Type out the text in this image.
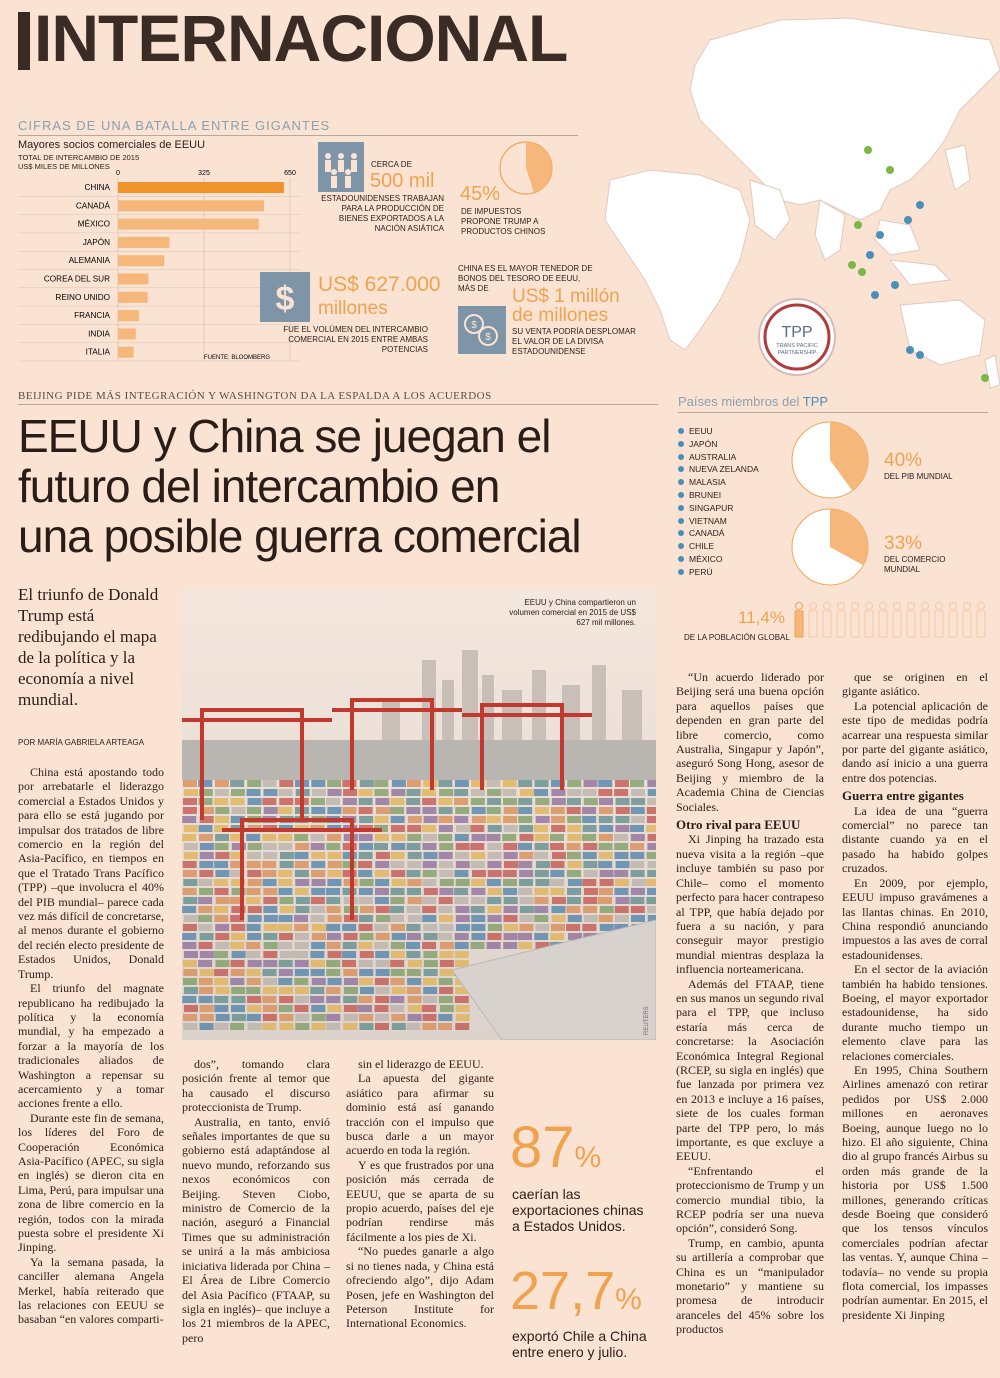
INTERNACIONAL
CIFRAS DE UNA BATALLA ENTRE GIGANTES
Mayores socios comerciales de EEUU
TOTAL DE INTERCAMBIO DE 2015
US$ MILES DE MILLONES
0	325	650
CHINA
CANADÁ
MÉXICO
JAPÓN
ALEMANIA
COREA DEL SUR
REINO UNIDO
FRANCIA
INDIA
ITALIA
FUENTE: BLOOMBERG
CERCA DE
500 mil
ESTADOUNIDENSES TRABAJAN PARA LA PRODUCCIÓN DE BIENES EXPORTADOS A LA NACIÓN ASIÁTICA
45%
DE IMPUESTOS PROPONE TRUMP A PRODUCTOS CHINOS
$ US$ 627.000
millones
FUE EL VOLÚMEN DEL INTERCAMBIO COMERCIAL EN 2015 ENTRE AMBAS POTENCIAS
CHINA ES EL MAYOR TENEDOR DE BONOS DEL TESORO DE EEUU, MÁS DE	US$ 1 millón
de millones
$
$
SU VENTA PODRÍA DESPLOMAR EL VALOR DE LA DIVISA ESTADOUNIDENSE
TPP
TRANS PACIFIC
PARTNERSHIP
BEIJING PIDE MÁS INTEGRACIÓN Y WASHINGTON DA LA ESPALDA A LOS ACUERDOS
EEUU y China se juegan el
futuro del intercambio en
una posible guerra comercial
Países miembros del TPP
EEUU
JAPÓN
AUSTRALIA
NUEVA ZELANDA
MALASIA
BRUNEI
SINGAPUR
VIETNAM
CANADÁ
CHILE
MÉXICO
PERÚ
40%
DEL PIB MUNDIAL
33%
DEL COMERCIO
MUNDIAL
11,4%
DE LA POBLACIÓN GLOBAL
El triunfo de Donald Trump está redibujando el mapa de la política y la economía a nivel mundial.
POR MARÍA GABRIELA ARTEAGA
REUTERS
EEUU y China compartieron un volumen comercial en 2015 de US$ 627 mil millones.

China está apostando todo por arrebatarle el liderazgo comercial a Estados Unidos y para ello se está jugando por impulsar dos tratados de libre comercio en la región del Asia-Pacífico, en tiempos en que el Tratado Trans Pacífico (TPP) –que involucra el 40% del PIB mundial– parece cada vez más difícil de concretarse, al menos durante el gobierno del recién electo presidente de Estados Unidos, Donald Trump.

El triunfo del magnate republicano ha redibujado la política y la economía mundial, y ha empezado a forzar a la mayoría de los tradicionales aliados de Washington a repensar su acercamiento y a tomar acciones frente a ello.

Durante este fin de semana, los líderes del Foro de Cooperación Económica Asia-Pacífico (APEC, su sigla en inglés) se dieron cita en Lima, Perú, para impulsar una zona de libre comercio en la región, todos con la mirada puesta sobre el presidente Xi Jinping.

Ya la semana pasada, la canciller alemana Angela Merkel, había reiterado que las relaciones con EEUU se basaban “en valores comparti-

dos”, tomando clara posición frente al temor que ha causado el discurso proteccionista de Trump.

Australia, en tanto, envió señales importantes de que su gobierno está adaptándose al nuevo mundo, reforzando sus nexos económicos con Beijing. Steven Ciobo, ministro de Comercio de la nación, aseguró a Financial Times que su administración se unirá a la más ambiciosa iniciativa liderada por China –El Área de Libre Comercio del Asia Pacífico (FTAAP, su sigla en inglés)– que incluye a los 21 miembros de la APEC, pero

sin el liderazgo de EEUU.

La apuesta del gigante asiático para afirmar su dominio está así ganando tracción con el impulso que busca darle a un mayor acuerdo en toda la región.

Y es que frustrados por una posición más cerrada de EEUU, que se aparta de su propio acuerdo, países del eje podrían rendirse más fácilmente a los pies de Xi.

“No puedes ganarle a algo si no tienes nada, y China está ofreciendo algo”, dijo Adam Posen, jefe en Washington del Peterson Institute for International Economics.

87%
caerían las exportaciones chinas a Estados Unidos.
27,7%
exportó Chile a China entre enero y julio.

“Un acuerdo liderado por Beijing será una buena opción para aquellos países que dependen en gran parte del libre comercio, como Australia, Singapur y Japón”, aseguró Song Hong, asesor de Beijing y miembro de la Academia China de Ciencias Sociales.

Otro rival para EEUU

Xi Jinping ha trazado esta nueva visita a la región –que incluye también su paso por Chile– como el momento perfecto para hacer contrapeso al TPP, que había dejado por fuera a su nación, y para conseguir mayor prestigio mundial mientras desplaza la influencia norteamericana.

Además del FTAAP, tiene en sus manos un segundo rival para el TPP, que incluso estaría más cerca de concretarse: la Asociación Económica Integral Regional (RCEP, su sigla en inglés) que fue lanzada por primera vez en 2013 e incluye a 16 países, siete de los cuales forman parte del TPP pero, lo más importante, es que excluye a EEUU.

“Enfrentando el proteccionismo de Trump y un comercio mundial tibio, la RCEP podría ser una nueva opción”, consideró Song.

Trump, en cambio, apunta su artillería a comprobar que China es un “manipulador monetario” y mantiene su promesa de introducir aranceles del 45% sobre los productos

que se originen en el gigante asiático.

La potencial aplicación de este tipo de medidas podría acarrear una respuesta similar por parte del gigante asiático, dando así inicio a una guerra entre dos potencias.

Guerra entre gigantes

La idea de una “guerra comercial” no parece tan distante cuando ya en el pasado ha habido golpes cruzados.

En 2009, por ejemplo, EEUU impuso gravámenes a las llantas chinas. En 2010, China respondió anunciando impuestos a las aves de corral estadounidenses.

En el sector de la aviación también ha habido tensiones. Boeing, el mayor exportador estadounidense, ha sido durante mucho tiempo un elemento clave para las relaciones comerciales.

En 1995, China Southern Airlines amenazó con retirar pedidos por US$ 2.000 millones en aeronaves Boeing, aunque luego no lo hizo. El año siguiente, China dio al grupo francés Airbus su orden más grande de la historia por US$ 1.500 millones, generando críticas desde Boeing que consideró que los tensos vínculos comerciales podrían afectar las ventas. Y, aunque China –todavía– no vende su propia flota comercial, los impasses podrían aumentar. En 2015, el presidente Xi Jinping
